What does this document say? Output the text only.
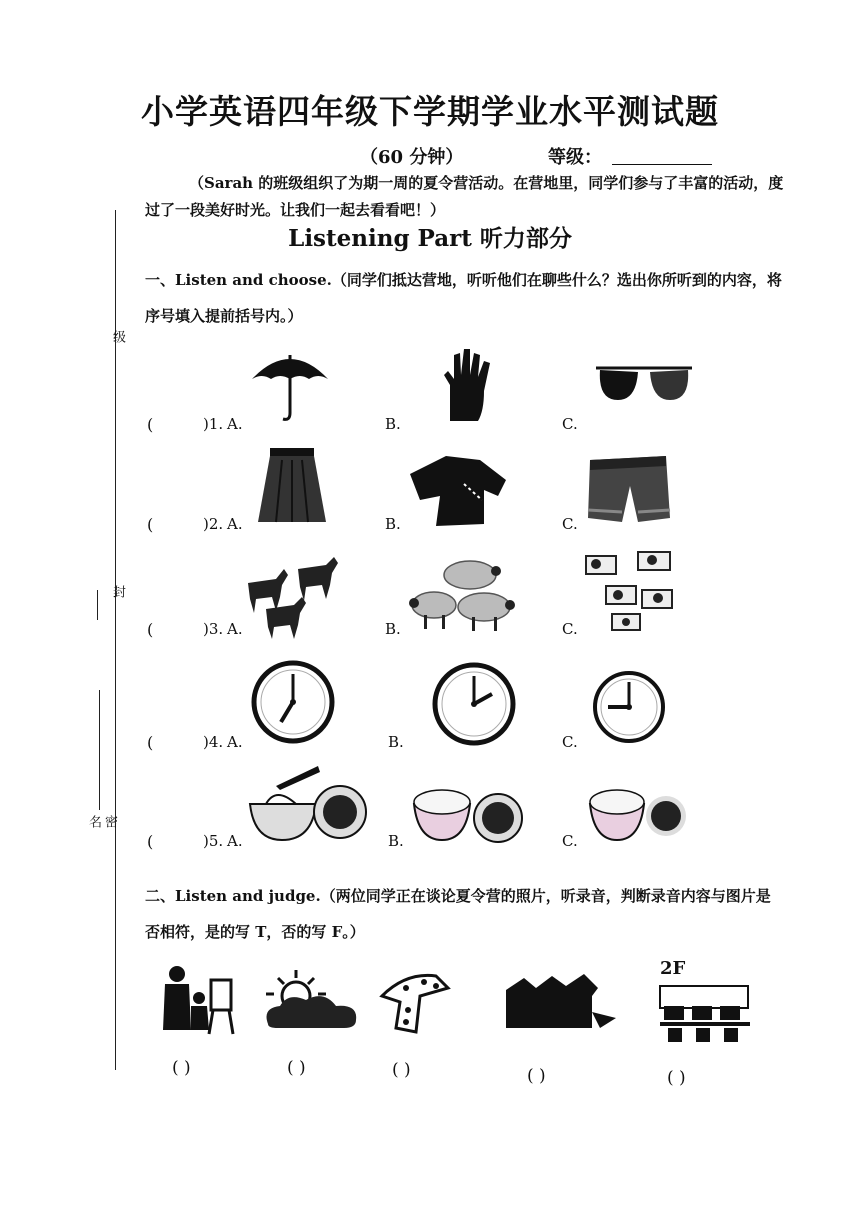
小学英语四年级下学期学业水平测试题
（60 分钟）	等级：
（Sarah 的班级组织了为期一周的夏令营活动。在营地里，同学们参与了丰富的活动，度过了一段美好时光。让我们一起去看看吧！）
Listening Part 听力部分
级
封
名 密
一、Listen and choose.（同学们抵达营地，听听他们在聊些什么？选出你所听到的内容，将序号填入提前括号内。）
(	)1. A.	B.	C.
(	)2. A.	B.	C.
(	)3. A.	B.	C.
(	)4. A.	B.	C.
(	)5. A.	B.	C.
二、Listen and judge.（两位同学正在谈论夏令营的照片，听录音，判断录音内容与图片是否相符，是的写 T，否的写 F。）
2F
( )	( )	( )	( )	( )
